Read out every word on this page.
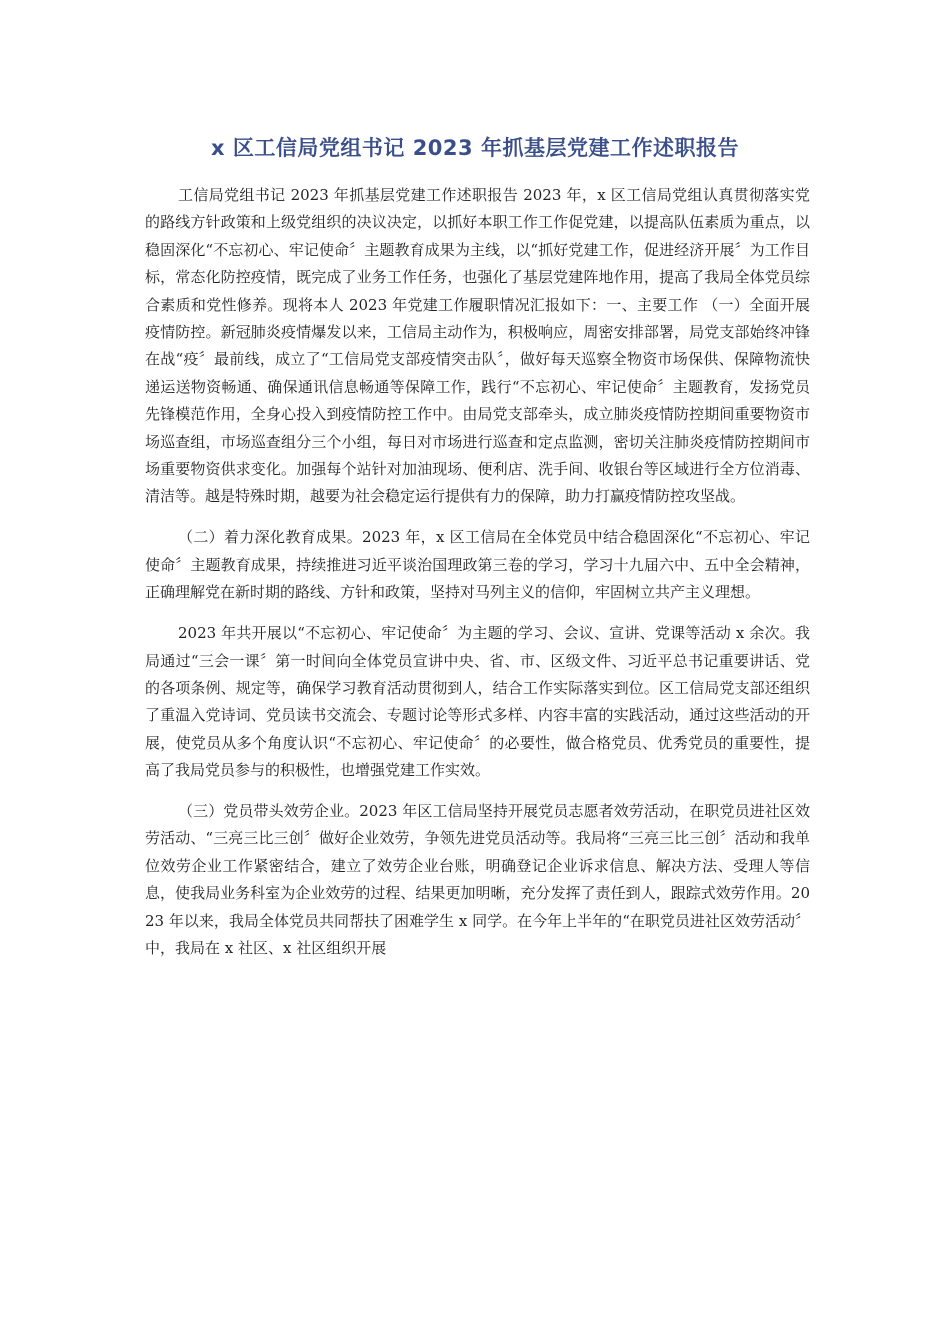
x 区工信局党组书记 2023 年抓基层党建工作述职报告

工信局党组书记 2023 年抓基层党建工作述职报告 2023 年，x 区工信局党组认真贯彻落实党的路线方针政策和上级党组织的决议决定，以抓好本职工作工作促党建，以提高队伍素质为重点，以稳固深化“不忘初心、牢记使命〞主题教育成果为主线，以“抓好党建工作，促进经济开展〞为工作目标，常态化防控疫情，既完成了业务工作任务，也强化了基层党建阵地作用，提高了我局全体党员综合素质和党性修养。现将本人 2023 年党建工作履职情况汇报如下：一、主要工作 （一）全面开展疫情防控。新冠肺炎疫情爆发以来，工信局主动作为，积极响应，周密安排部署，局党支部始终冲锋在战“疫〞最前线，成立了“工信局党支部疫情突击队〞，做好每天巡察全物资市场保供、保障物流快递运送物资畅通、确保通讯信息畅通等保障工作，践行“不忘初心、牢记使命〞主题教育，发扬党员先锋模范作用，全身心投入到疫情防控工作中。由局党支部牵头，成立肺炎疫情防控期间重要物资市场巡查组，市场巡查组分三个小组，每日对市场进行巡查和定点监测，密切关注肺炎疫情防控期间市场重要物资供求变化。加强每个站针对加油现场、便利店、洗手间、收银台等区域进行全方位消毒、清洁等。越是特殊时期，越要为社会稳定运行提供有力的保障，助力打赢疫情防控攻坚战。

（二）着力深化教育成果。2023 年，x 区工信局在全体党员中结合稳固深化“不忘初心、牢记使命〞主题教育成果，持续推进习近平谈治国理政第三卷的学习，学习十九届六中、五中全会精神，正确理解党在新时期的路线、方针和政策，坚持对马列主义的信仰，牢固树立共产主义理想。

2023 年共开展以“不忘初心、牢记使命〞为主题的学习、会议、宣讲、党课等活动 x 余次。我局通过“三会一课〞第一时间向全体党员宣讲中央、省、市、区级文件、习近平总书记重要讲话、党的各项条例、规定等，确保学习教育活动贯彻到人，结合工作实际落实到位。区工信局党支部还组织了重温入党诗词、党员读书交流会、专题讨论等形式多样、内容丰富的实践活动，通过这些活动的开展，使党员从多个角度认识“不忘初心、牢记使命〞的必要性，做合格党员、优秀党员的重要性，提高了我局党员参与的积极性，也增强党建工作实效。

（三）党员带头效劳企业。2023 年区工信局坚持开展党员志愿者效劳活动，在职党员进社区效劳活动、“三亮三比三创〞做好企业效劳，争领先进党员活动等。我局将“三亮三比三创〞活动和我单位效劳企业工作紧密结合，建立了效劳企业台账，明确登记企业诉求信息、解决方法、受理人等信息，使我局业务科室为企业效劳的过程、结果更加明晰，充分发挥了责任到人，跟踪式效劳作用。2023 年以来，我局全体党员共同帮扶了困难学生 x 同学。在今年上半年的“在职党员进社区效劳活动〞中，我局在 x 社区、x 社区组织开展
